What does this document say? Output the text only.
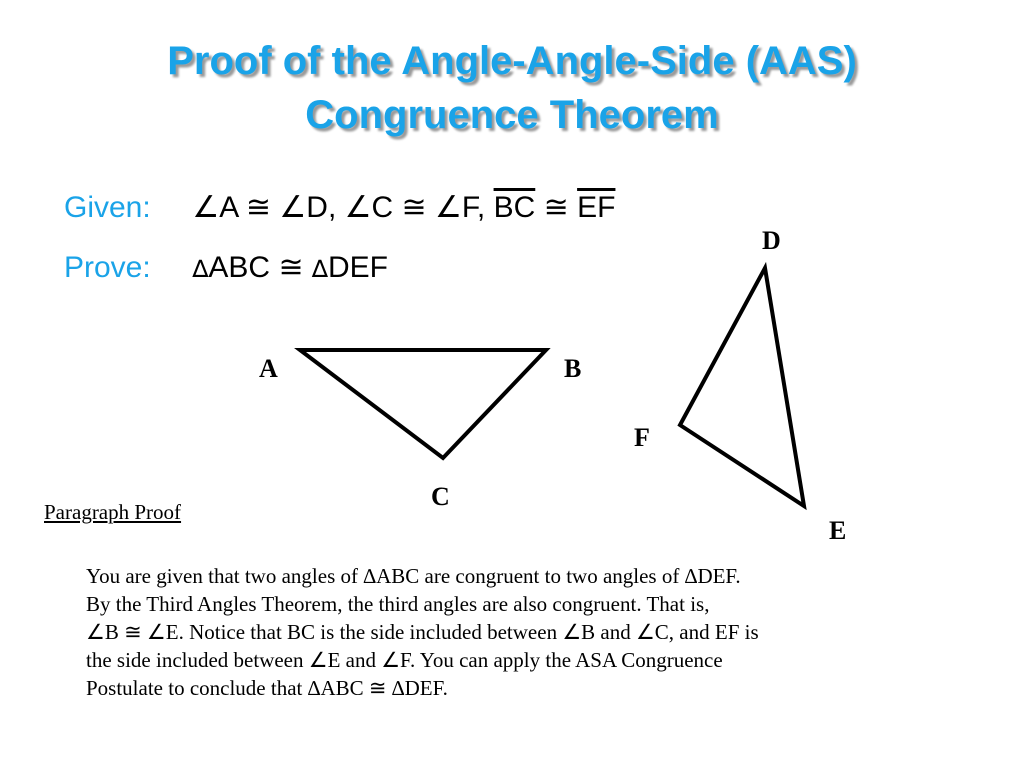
Proof of the Angle-Angle-Side (AAS)
Congruence Theorem
Given: ∠A ≅ ∠D, ∠C ≅ ∠F, $\overline{BC}$ ≅ $\overline{EF}$
Prove: ∆ABC ≅ ∆DEF
A	B
C
D
E
F
Paragraph Proof
You are given that two angles of ∆ABC are congruent to two angles of ∆DEF.
By the Third Angles Theorem, the third angles are also congruent. That is,
∠B ≅ ∠E. Notice that BC is the side included between ∠B and ∠C, and EF is
the side included between ∠E and ∠F. You can apply the ASA Congruence
Postulate to conclude that ∆ABC ≅ ∆DEF.
